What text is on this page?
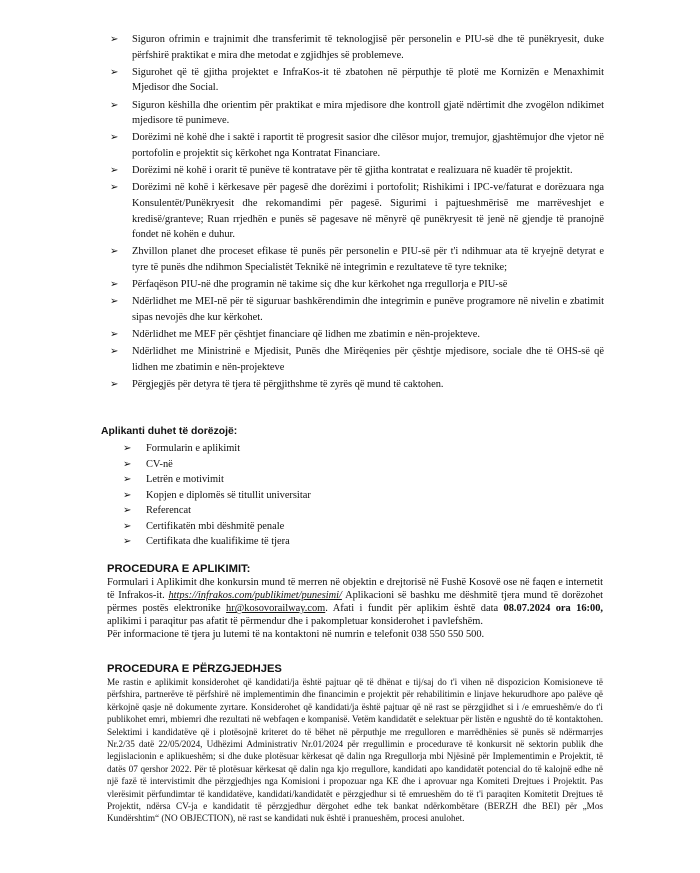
➢ Siguron ofrimin e trajnimit dhe transferimit të teknologjisë për personelin e PIU-së dhe të punëkryesit, duke përfshirë praktikat e mira dhe metodat e zgjidhjes së problemeve.
➢ Sigurohet që të gjitha projektet e InfraKos-it të zbatohen në përputhje të plotë me Kornizën e Menaxhimit Mjedisor dhe Social.
➢ Siguron këshilla dhe orientim për praktikat e mira mjedisore dhe kontroll gjatë ndërtimit dhe zvogëlon ndikimet mjedisore të punimeve.
➢ Dorëzimi në kohë dhe i saktë i raportit të progresit sasior dhe cilësor mujor, tremujor, gjashtëmujor dhe vjetor në portofolin e projektit siç kërkohet nga Kontratat Financiare.
➢ Dorëzimi në kohë i orarit të punëve të kontratave për të gjitha kontratat e realizuara në kuadër të projektit.
➢ Dorëzimi në kohë i kërkesave për pagesë dhe dorëzimi i portofolit; Rishikimi i IPC-ve/faturat e dorëzuara nga Konsulentët/Punëkryesit dhe rekomandimi për pagesë. Sigurimi i pajtueshmërisë me marrëveshjet e kredisë/granteve; Ruan rrjedhën e punës së pagesave në mënyrë që punëkryesit të jenë në gjendje të pranojnë fondet në kohën e duhur.
➢ Zhvillon planet dhe proceset efikase të punës për personelin e PIU-së për t'i ndihmuar ata të kryejnë detyrat e tyre të punës dhe ndihmon Specialistët Teknikë në integrimin e rezultateve të tyre teknike;
➢ Përfaqëson PIU-në dhe programin në takime siç dhe kur kërkohet nga rregullorja e PIU-së
➢ Ndërlidhet me MEI-në për të siguruar bashkërendimin dhe integrimin e punëve programore në nivelin e zbatimit sipas nevojës dhe kur kërkohet.
➢ Ndërlidhet me MEF për çështjet financiare që lidhen me zbatimin e nën-projekteve.
➢ Ndërlidhet me Ministrinë e Mjedisit, Punës dhe Mirëqenies për çështje mjedisore, sociale dhe të OHS-së që lidhen me zbatimin e nën-projekteve
➢ Përgjegjës për detyra të tjera të përgjithshme të zyrës që mund të caktohen.
Aplikanti duhet të dorëzojë:
➢ Formularin e aplikimit
➢ CV-në
➢ Letrën e motivimit
➢ Kopjen e diplomës së titullit universitar
➢ Referencat
➢ Certifikatën mbi dëshmitë penale
➢ Certifikata dhe kualifikime të tjera
PROCEDURA E APLIKIMIT:

Formulari i Aplikimit dhe konkursin mund të merren në objektin e drejtorisë në Fushë Kosovë ose në faqen e internetit të Infrakos-it. https://infrakos.com/publikimet/punesimi/ Aplikacioni së bashku me dëshmitë tjera mund të dorëzohet përmes postës elektronike hr@kosovorailway.com. Afati i fundit për aplikim është data 08.07.2024 ora 16:00, aplikimi i paraqitur pas afatit të përmendur dhe i pakompletuar konsiderohet i pavlefshëm.

Për informacione të tjera ju lutemi të na kontaktoni në numrin e telefonit 038 550 550 500.

PROCEDURA E PËRZGJEDHJES

Me rastin e aplikimit konsiderohet që kandidati/ja është pajtuar që të dhënat e tij/saj do t'i vihen në dispozicion Komisioneve të përfshira, partnerëve të përfshirë në implementimin dhe financimin e projektit për rehabilitimin e linjave hekurudhore apo palëve që kërkojnë qasje në dokumente zyrtare. Konsiderohet që kandidati/ja është pajtuar që në rast se përzgjidhet si i /e emrueshëm/e do t'i publikohet emri, mbiemri dhe rezultati në webfaqen e kompanisë. Vetëm kandidatët e selektuar për listën e ngushtë do të kontaktohen. Selektimi i kandidatëve që i plotësojnë kriteret do të bëhet në përputhje me rregulloren e marrëdhënies së punës së ndërmarrjes Nr.2/35 datë 22/05/2024, Udhëzimi Administrativ Nr.01/2024 për rregullimin e procedurave të konkursit në sektorin publik dhe legjislacionin e aplikueshëm; si dhe duke plotësuar kërkesat që dalin nga Rregullorja mbi Njësinë për Implementimin e Projektit, të datës 07 qershor 2022. Për të plotësuar kërkesat që dalin nga kjo rregullore, kandidati apo kandidatët potencial do të kalojnë edhe në një fazë të intervistimit dhe përzgjedhjes nga Komisioni i propozuar nga KE dhe i aprovuar nga Komiteti Drejtues i Projektit. Pas vlerësimit përfundimtar të kandidatëve, kandidati/kandidatët e përzgjedhur si të emrueshëm do të t'i paraqiten Komitetit Drejtues të Projektit, ndërsa CV-ja e kandidatit të përzgjedhur dërgohet edhe tek bankat ndërkombëtare (BERZH dhe BEI) për „Mos Kundërshtim“ (NO OBJECTION), në rast se kandidati nuk është i pranueshëm, procesi anulohet.
